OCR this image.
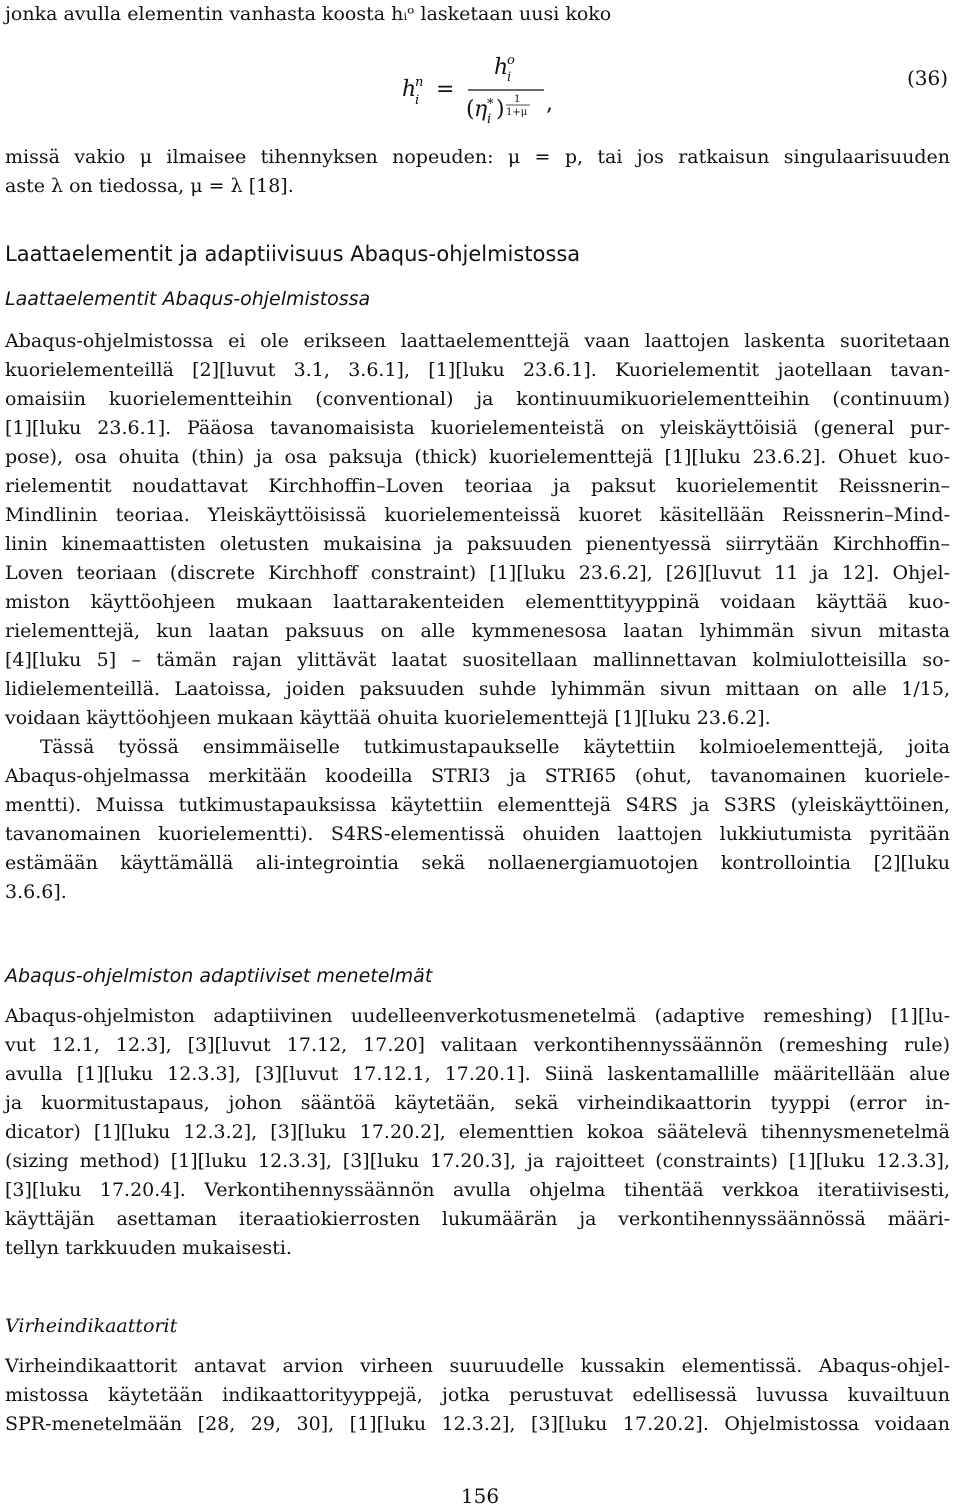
jonka avulla elementin vanhasta koosta hᵢᵒ lasketaan uusi koko
h
n
i =
h
o
i
( η *
i ) 1
1+μ ,
(36)
missä vakio μ ilmaisee tihennyksen nopeuden: μ = p, tai jos ratkaisun singulaarisuuden
aste λ on tiedossa, μ = λ [18].
Laattaelementit ja adaptiivisuus Abaqus-ohjelmistossa
Laattaelementit Abaqus-ohjelmistossa
Abaqus-ohjelmistossa ei ole erikseen laattaelementtejä vaan laattojen laskenta suoritetaan
kuorielementeillä [2][luvut 3.1, 3.6.1], [1][luku 23.6.1]. Kuorielementit jaotellaan tavan-
omaisiin kuorielementteihin (conventional) ja kontinuumikuorielementteihin (continuum)
[1][luku 23.6.1]. Pääosa tavanomaisista kuorielementeistä on yleiskäyttöisiä (general pur-
pose), osa ohuita (thin) ja osa paksuja (thick) kuorielementtejä [1][luku 23.6.2]. Ohuet kuo-
rielementit noudattavat Kirchhoffin–Loven teoriaa ja paksut kuorielementit Reissnerin–
Mindlinin teoriaa. Yleiskäyttöisissä kuorielementeissä kuoret käsitellään Reissnerin–Mind-
linin kinemaattisten oletusten mukaisina ja paksuuden pienentyessä siirrytään Kirchhoffin–
Loven teoriaan (discrete Kirchhoff constraint) [1][luku 23.6.2], [26][luvut 11 ja 12]. Ohjel-
miston käyttöohjeen mukaan laattarakenteiden elementtityyppinä voidaan käyttää kuo-
rielementtejä, kun laatan paksuus on alle kymmenesosa laatan lyhimmän sivun mitasta
[4][luku 5] – tämän rajan ylittävät laatat suositellaan mallinnettavan kolmiulotteisilla so-
lidielementeillä. Laatoissa, joiden paksuuden suhde lyhimmän sivun mittaan on alle 1/15,
voidaan käyttöohjeen mukaan käyttää ohuita kuorielementtejä [1][luku 23.6.2].
Tässä työssä ensimmäiselle tutkimustapaukselle käytettiin kolmioelementtejä, joita
Abaqus-ohjelmassa merkitään koodeilla STRI3 ja STRI65 (ohut, tavanomainen kuoriele-
mentti). Muissa tutkimustapauksissa käytettiin elementtejä S4RS ja S3RS (yleiskäyttöinen,
tavanomainen kuorielementti). S4RS-elementissä ohuiden laattojen lukkiutumista pyritään
estämään käyttämällä ali-integrointia sekä nollaenergiamuotojen kontrollointia [2][luku
3.6.6].
Abaqus-ohjelmiston adaptiiviset menetelmät
Abaqus-ohjelmiston adaptiivinen uudelleenverkotusmenetelmä (adaptive remeshing) [1][lu-
vut 12.1, 12.3], [3][luvut 17.12, 17.20] valitaan verkontihennyssäännön (remeshing rule)
avulla [1][luku 12.3.3], [3][luvut 17.12.1, 17.20.1]. Siinä laskentamallille määritellään alue
ja kuormitustapaus, johon sääntöä käytetään, sekä virheindikaattorin tyyppi (error in-
dicator) [1][luku 12.3.2], [3][luku 17.20.2], elementtien kokoa säätelevä tihennysmenetelmä
(sizing method) [1][luku 12.3.3], [3][luku 17.20.3], ja rajoitteet (constraints) [1][luku 12.3.3],
[3][luku 17.20.4]. Verkontihennyssäännön avulla ohjelma tihentää verkkoa iteratiivisesti,
käyttäjän asettaman iteraatiokierrosten lukumäärän ja verkontihennyssäännössä määri-
tellyn tarkkuuden mukaisesti.
Virheindikaattorit
Virheindikaattorit antavat arvion virheen suuruudelle kussakin elementissä. Abaqus-ohjel-
mistossa käytetään indikaattorityyppejä, jotka perustuvat edellisessä luvussa kuvailtuun
SPR-menetelmään [28, 29, 30], [1][luku 12.3.2], [3][luku 17.20.2]. Ohjelmistossa voidaan
156
